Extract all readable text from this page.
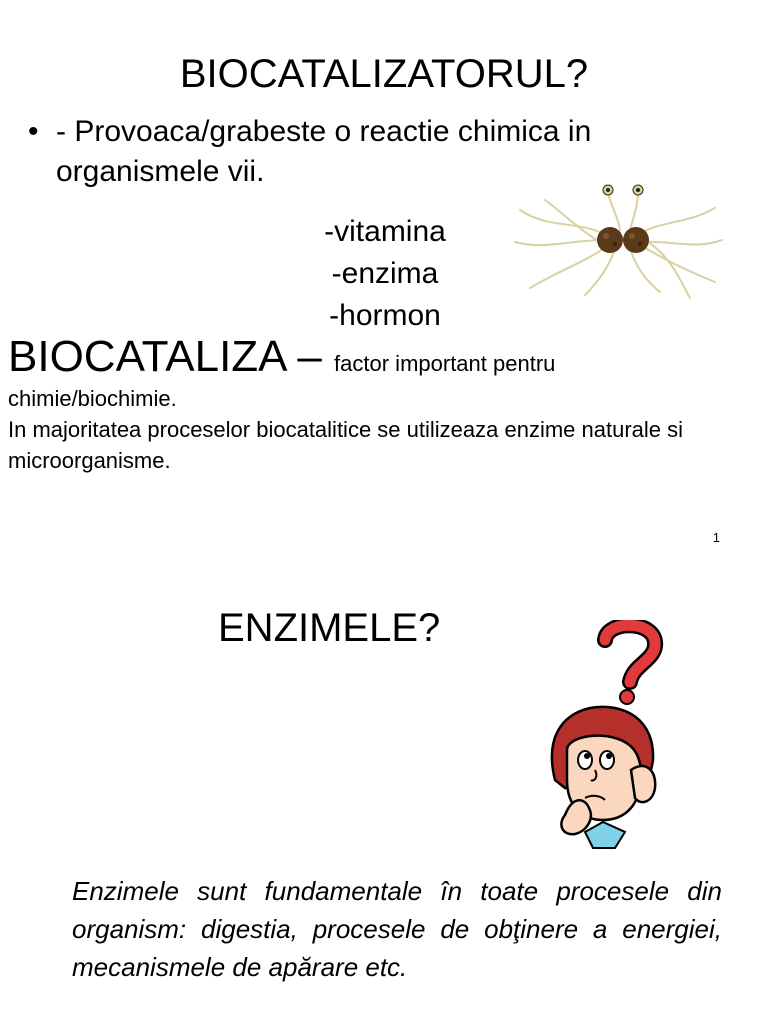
BIOCATALIZATORUL?
• - Provoaca/grabeste o reactie chimica in organismele vii.
-vitamina
-enzima
-hormon
BIOCATALIZA – factor important pentru
chimie/biochimie.
In majoritatea proceselor biocatalitice se utilizeaza enzime naturale si microorganisme.
1
ENZIMELE?
Enzimele sunt fundamentale în toate procesele din organism: digestia, procesele de obţinere a energiei, mecanismele de apărare etc.
